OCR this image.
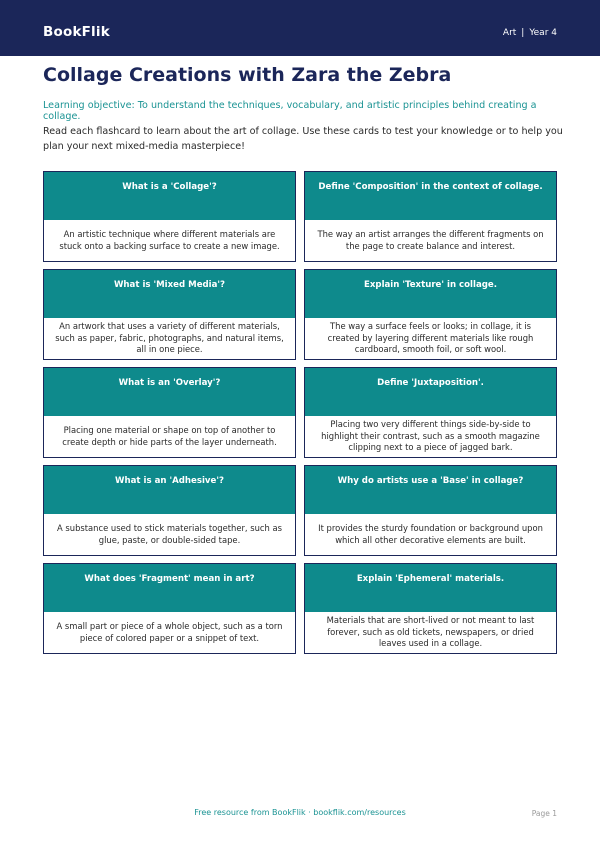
BookFlik	Art | Year 4
Collage Creations with Zara the Zebra
Learning objective: To understand the techniques, vocabulary, and artistic principles behind creating a collage.
Read each flashcard to learn about the art of collage. Use these cards to test your knowledge or to help you plan your next mixed-media masterpiece!
What is a 'Collage'?
An artistic technique where different materials are stuck onto a backing surface to create a new image.
Define 'Composition' in the context of collage.
The way an artist arranges the different fragments on the page to create balance and interest.
What is 'Mixed Media'?
An artwork that uses a variety of different materials, such as paper, fabric, photographs, and natural items, all in one piece.
Explain 'Texture' in collage.
The way a surface feels or looks; in collage, it is created by layering different materials like rough cardboard, smooth foil, or soft wool.
What is an 'Overlay'?
Placing one material or shape on top of another to create depth or hide parts of the layer underneath.
Define 'Juxtaposition'.
Placing two very different things side-by-side to highlight their contrast, such as a smooth magazine clipping next to a piece of jagged bark.
What is an 'Adhesive'?
A substance used to stick materials together, such as glue, paste, or double-sided tape.
Why do artists use a 'Base' in collage?
It provides the sturdy foundation or background upon which all other decorative elements are built.
What does 'Fragment' mean in art?
A small part or piece of a whole object, such as a torn piece of colored paper or a snippet of text.
Explain 'Ephemeral' materials.
Materials that are short-lived or not meant to last forever, such as old tickets, newspapers, or dried leaves used in a collage.
Free resource from BookFlik · bookflik.com/resources	Page 1
